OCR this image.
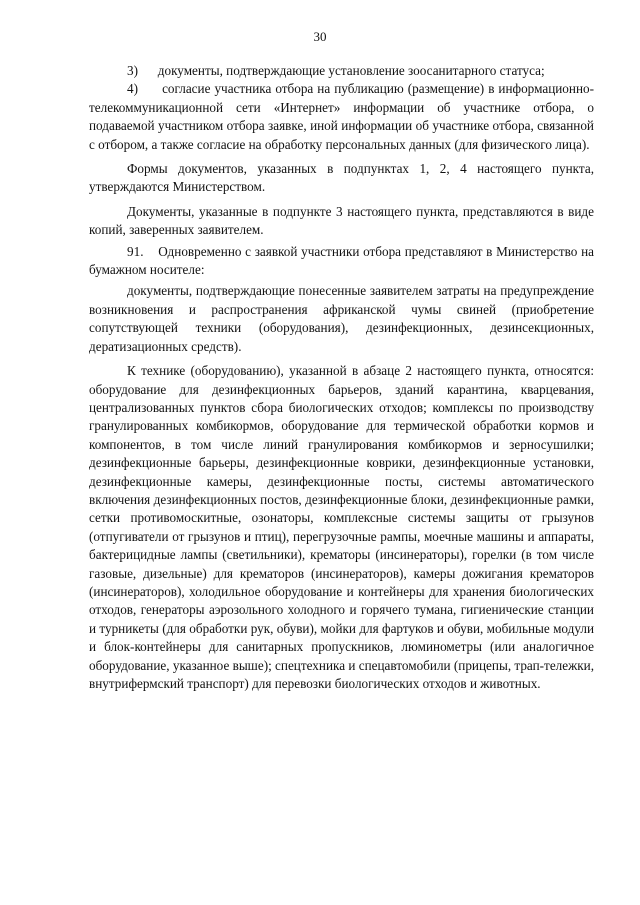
30

3)      документы, подтверждающие установление зоосанитарного статуса;

4)      согласие участника отбора на публикацию (размещение) в информационно-телекоммуникационной сети «Интернет» информации об участнике отбора, о подаваемой участником отбора заявке, иной информации об участнике отбора, связанной с отбором, а также согласие на обработку персональных данных (для физического лица).

Формы документов, указанных в подпунктах 1, 2, 4 настоящего пункта, утверждаются Министерством.

Документы, указанные в подпункте 3 настоящего пункта, представляются в виде копий, заверенных заявителем.

91.    Одновременно с заявкой участники отбора представляют в Министерство на бумажном носителе:

документы, подтверждающие понесенные заявителем затраты на предупреждение возникновения и распространения африканской чумы свиней (приобретение сопутствующей техники (оборудования), дезинфекционных, дезинсекционных, дератизационных средств).

К технике (оборудованию), указанной в абзаце 2 настоящего пункта, относятся: оборудование для дезинфекционных барьеров, зданий карантина, кварцевания, централизованных пунктов сбора биологических отходов; комплексы по производству гранулированных комбикормов, оборудование для термической обработки кормов и компонентов, в том числе линий гранулирования комбикормов и зерносушилки; дезинфекционные барьеры, дезинфекционные коврики, дезинфекционные установки, дезинфекционные камеры, дезинфекционные посты, системы автоматического включения дезинфекционных постов, дезинфекционные блоки, дезинфекционные рамки, сетки противомоскитные, озонаторы, комплексные системы защиты от грызунов (отпугиватели от грызунов и птиц), перегрузочные рампы, моечные машины и аппараты, бактерицидные лампы (светильники), крематоры (инсинераторы), горелки (в том числе газовые, дизельные) для крематоров (инсинераторов), камеры дожигания крематоров (инсинераторов), холодильное оборудование и контейнеры для хранения биологических отходов, генераторы аэрозольного холодного и горячего тумана, гигиенические станции и турникеты (для обработки рук, обуви), мойки для фартуков и обуви, мобильные модули и блок-контейнеры для санитарных пропускников, люминометры (или аналогичное оборудование, указанное выше); спецтехника и спецавтомобили (прицепы, трап-тележки, внутрифермский транспорт) для перевозки биологических отходов и животных.
